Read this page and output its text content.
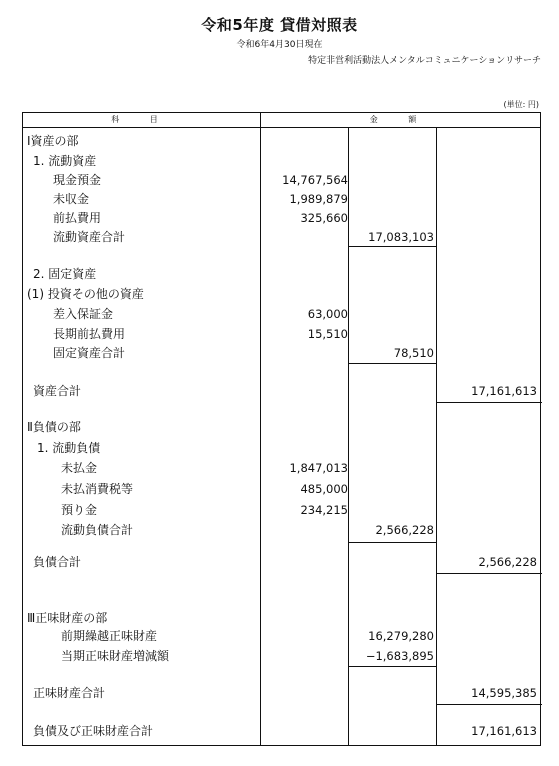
令和5年度 貸借対照表
令和6年4月30日現在
特定非営利活動法人メンタルコミュニケーションリサーチ
(単位: 円)
科 目	金 額
Ⅰ資産の部
1. 流動資産
現金預金	14,767,564
未収金	1,989,879
前払費用	325,660
流動資産合計	17,083,103
2. 固定資産
(1) 投資その他の資産
差入保証金	63,000
長期前払費用	15,510
固定資産合計	78,510
資産合計	17,161,613
Ⅱ負債の部
1. 流動負債
未払金	1,847,013
未払消費税等	485,000
預り金	234,215
流動負債合計	2,566,228
負債合計	2,566,228
Ⅲ正味財産の部
前期繰越正味財産	16,279,280
当期正味財産増減額	−1,683,895
正味財産合計	14,595,385
負債及び正味財産合計	17,161,613
